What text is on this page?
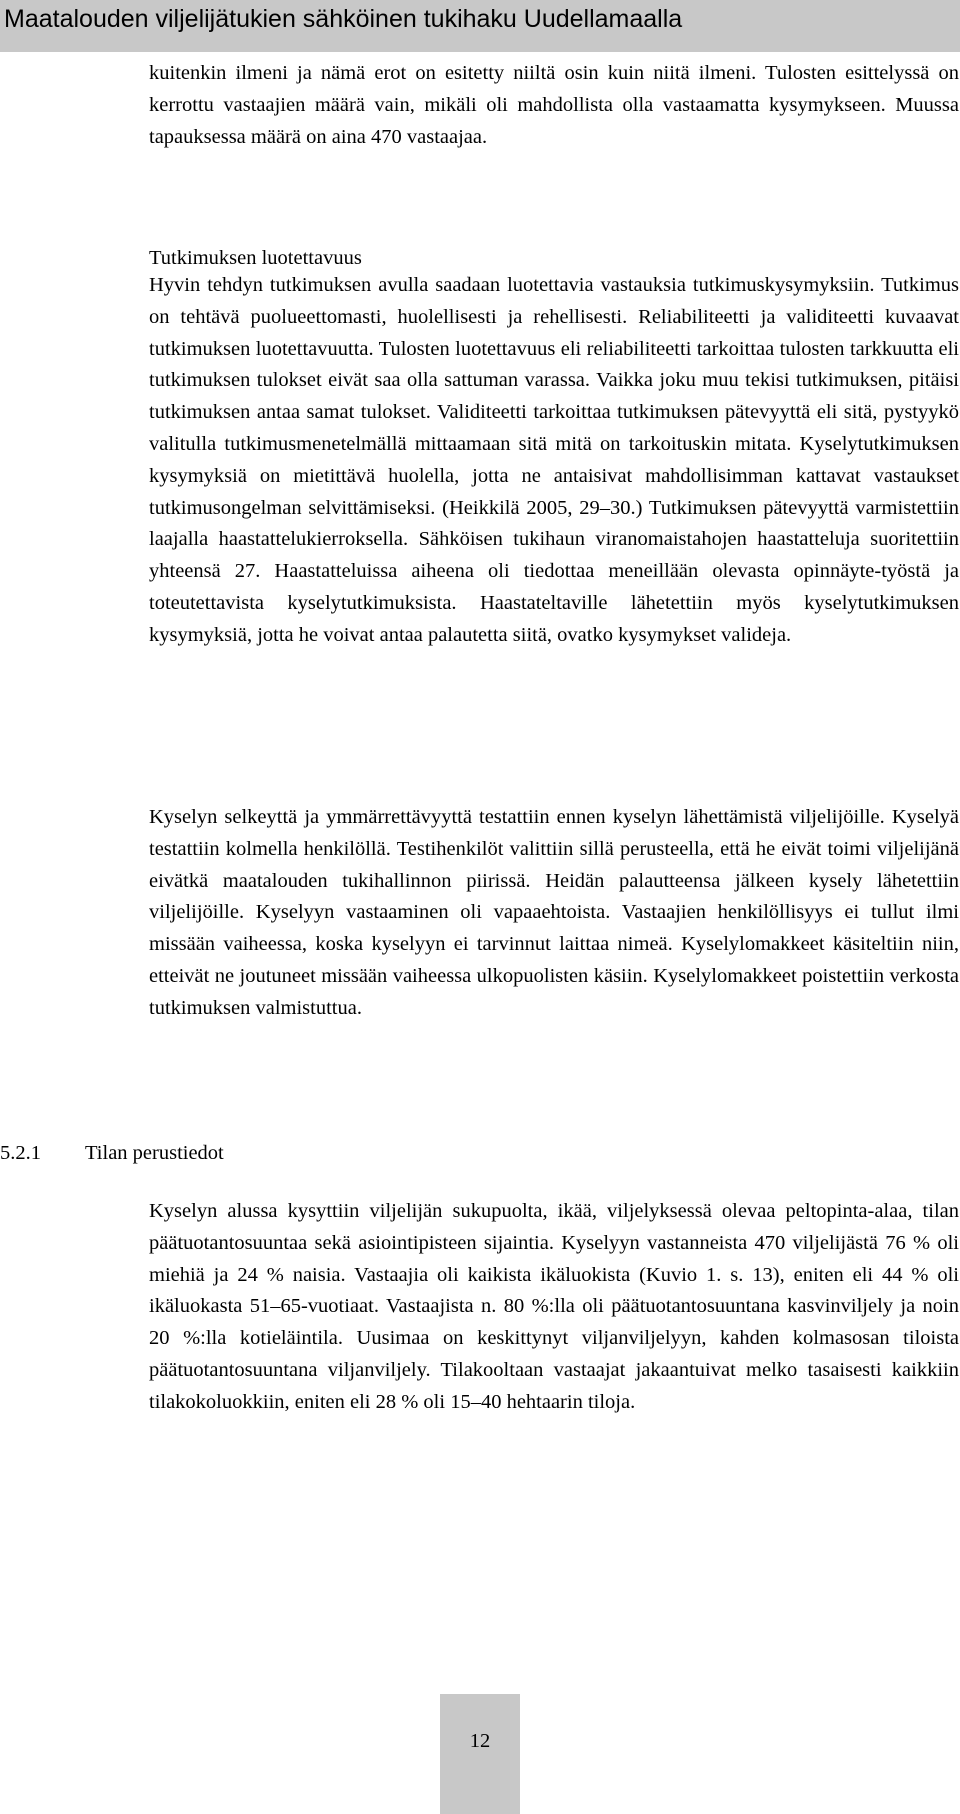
Maatalouden viljelijätukien sähköinen tukihaku Uudellamaalla

kuitenkin ilmeni ja nämä erot on esitetty niiltä osin kuin niitä ilmeni. Tulosten esittelyssä on kerrottu vastaajien määrä vain, mikäli oli mahdollista olla vastaamatta kysymykseen. Muussa tapauksessa määrä on aina 470 vastaajaa.

Tutkimuksen luotettavuus

Hyvin tehdyn tutkimuksen avulla saadaan luotettavia vastauksia tutkimuskysymyksiin. Tutkimus on tehtävä puolueettomasti, huolellisesti ja rehellisesti. Reliabiliteetti ja validiteetti kuvaavat tutkimuksen luotettavuutta. Tulosten luotettavuus eli reliabiliteetti tarkoittaa tulosten tarkkuutta eli tutkimuksen tulokset eivät saa olla sattuman varassa. Vaikka joku muu tekisi tutkimuksen, pitäisi tutkimuksen antaa samat tulokset. Validiteetti tarkoittaa tutkimuksen pätevyyttä eli sitä, pystyykö valitulla tutkimusmenetelmällä mittaamaan sitä mitä on tarkoituskin mitata. Kyselytutkimuksen kysymyksiä on mietittävä huolella, jotta ne antaisivat mahdollisimman kattavat vastaukset tutkimusongelman selvittämiseksi. (Heikkilä 2005, 29–30.) Tutkimuksen pätevyyttä varmistettiin laajalla haastattelukierroksella. Sähköisen tukihaun viranomaistahojen haastatteluja suoritettiin yhteensä 27. Haastatteluissa aiheena oli tiedottaa meneillään olevasta opinnäyte-työstä ja toteutettavista kyselytutkimuksista. Haastateltaville lähetettiin myös kyselytutkimuksen kysymyksiä, jotta he voivat antaa palautetta siitä, ovatko kysymykset valideja.

Kyselyn selkeyttä ja ymmärrettävyyttä testattiin ennen kyselyn lähettämistä viljelijöille. Kyselyä testattiin kolmella henkilöllä. Testihenkilöt valittiin sillä perusteella, että he eivät toimi viljelijänä eivätkä maatalouden tukihallinnon piirissä. Heidän palautteensa jälkeen kysely lähetettiin viljelijöille. Kyselyyn vastaaminen oli vapaaehtoista. Vastaajien henkilöllisyys ei tullut ilmi missään vaiheessa, koska kyselyyn ei tarvinnut laittaa nimeä. Kyselylomakkeet käsiteltiin niin, etteivät ne joutuneet missään vaiheessa ulkopuolisten käsiin. Kyselylomakkeet poistettiin verkosta tutkimuksen valmistuttua.

5.2.1 Tilan perustiedot

Kyselyn alussa kysyttiin viljelijän sukupuolta, ikää, viljelyksessä olevaa peltopinta-alaa, tilan päätuotantosuuntaa sekä asiointipisteen sijaintia. Kyselyyn vastanneista 470 viljelijästä 76 % oli miehiä ja 24 % naisia. Vastaajia oli kaikista ikäluokista (Kuvio 1. s. 13), eniten eli 44 % oli ikäluokasta 51–65-vuotiaat. Vastaajista n. 80 %:lla oli päätuotantosuuntana kasvinviljely ja noin 20 %:lla kotieläintila. Uusimaa on keskittynyt viljanviljelyyn, kahden kolmasosan tiloista päätuotantosuuntana viljanviljely. Tilakooltaan vastaajat jakaantuivat melko tasaisesti kaikkiin tilakokoluokkiin, eniten eli 28 % oli 15–40 hehtaarin tiloja.

12
